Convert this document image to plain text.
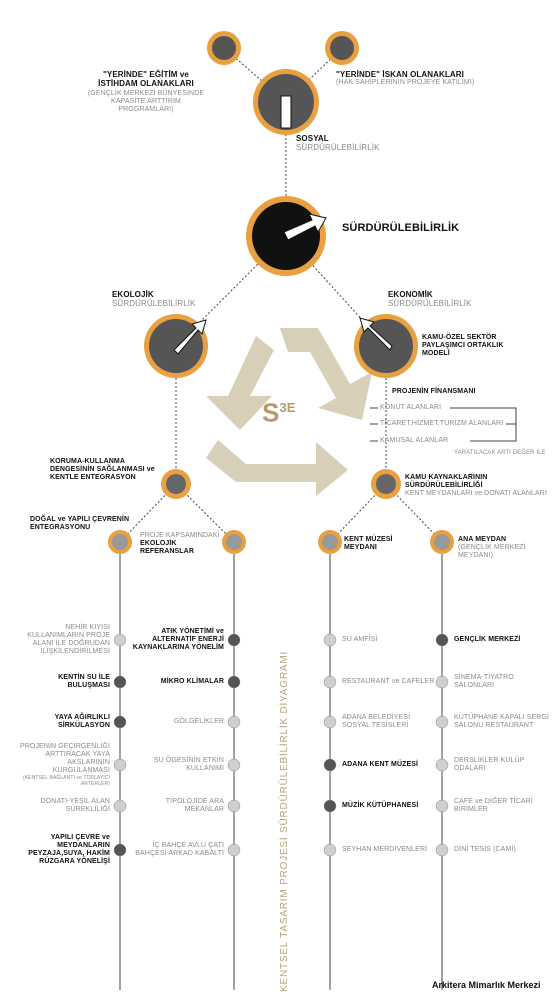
$S^{3E}$
"YERİNDE" EĞİTİM ve İSTİHDAM OLANAKLARI
(GENÇLİK MERKEZİ BÜNYESİNDE KAPASİTE ARTTIRIM PROGRAMLARI)
"YERİNDE" İSKAN OLANAKLARI
(HAK SAHİPLERİNİN PROJEYE KATILIMI)
SOSYAL
SÜRDÜRÜLEBİLİRLİK
SÜRDÜRÜLEBİLİRLİK
EKOLOJİK
SÜRDÜRÜLEBİLİRLİK
EKONOMİK
SÜRDÜRÜLEBİLİRLİK
KAMU-ÖZEL SEKTÖR PAYLAŞIMCI ORTAKLIK MODELİ
PROJENİN FİNANSMANI
KONUT ALANLARI
TİCARET,HİZMET,TURİZM ALANLARI
KAMUSAL ALANLAR
YARATILACAK ARTI DEĞER İLE
KORUMA-KULLANMA DENGESİNİN SAĞLANMASI ve KENTLE ENTEGRASYON	KAMU KAYNAKLARININ SÜRDÜRÜLEBİLİRLİĞİ
KENT MEYDANLARI ve DONATI ALANLARI
DOĞAL ve YAPILI ÇEVRENİN ENTEGRASYONU
PROJE KAPSAMINDAKİ
EKOLOJİK REFERANSLAR
KENT MÜZESİ MEYDANI
ANA MEYDAN
(GENÇLİK MERKEZİ MEYDANI)
NEHİR KIYISI KULLANIMLARIN PROJE ALANI İLE DOĞRUDAN İLİŞKİLENDİRİLMESİ
KENTİN SU İLE BULUŞMASI
YAYA AĞIRLIKLI SİRKÜLASYON
PROJENİN GEÇİRGENLİĞİ ARTTIRACAK YAYA AKSLARININ KURGULANMASI
(KENTSEL BAĞLANTI ve TOPLAYICI ARTERLER)
DONATI-YEŞİL ALAN SÜREKLİLİĞİ
YAPILI ÇEVRE ve MEYDANLARIN PEYZAJA,SUYA, HAKİM RÜZGARA YÖNELİŞİ
ATIK YÖNETİMİ ve ALTERNATİF ENERJİ KAYNAKLARINA YÖNELİM
MİKRO KLİMALAR
GÖLGELİKLER
SU ÖGESİNİN ETKİN KULLANIMI
TİPOLOJİDE ARA MEKANLAR
İÇ BAHÇE AVLU ÇATI BAHÇESİ ARKAD KABALTI
SU AMFİSİ
RESTAURANT ve CAFELER
ADANA BELEDİYESİ SOSYAL TESİSLERİ
ADANA KENT MÜZESİ
MÜZİK KÜTÜPHANESİ
SEYHAN MERDİVENLERİ
GENÇLİK MERKEZİ
SİNEMA-TİYATRO SALONLARI
KÜTÜPHANE KAPALI SERGİ SALONU RESTAURANT
DERSLİKLER KULÜP ODALARI
CAFE ve DİĞER TİCARİ BİRİMLER
DİNİ TESİS (CAMİ)
KENTSEL TASARIM PROJESİ SÜRDÜRÜLEBİLİRLİK DİYAGRAMI	Arkitera Mimarlık Merkezi
